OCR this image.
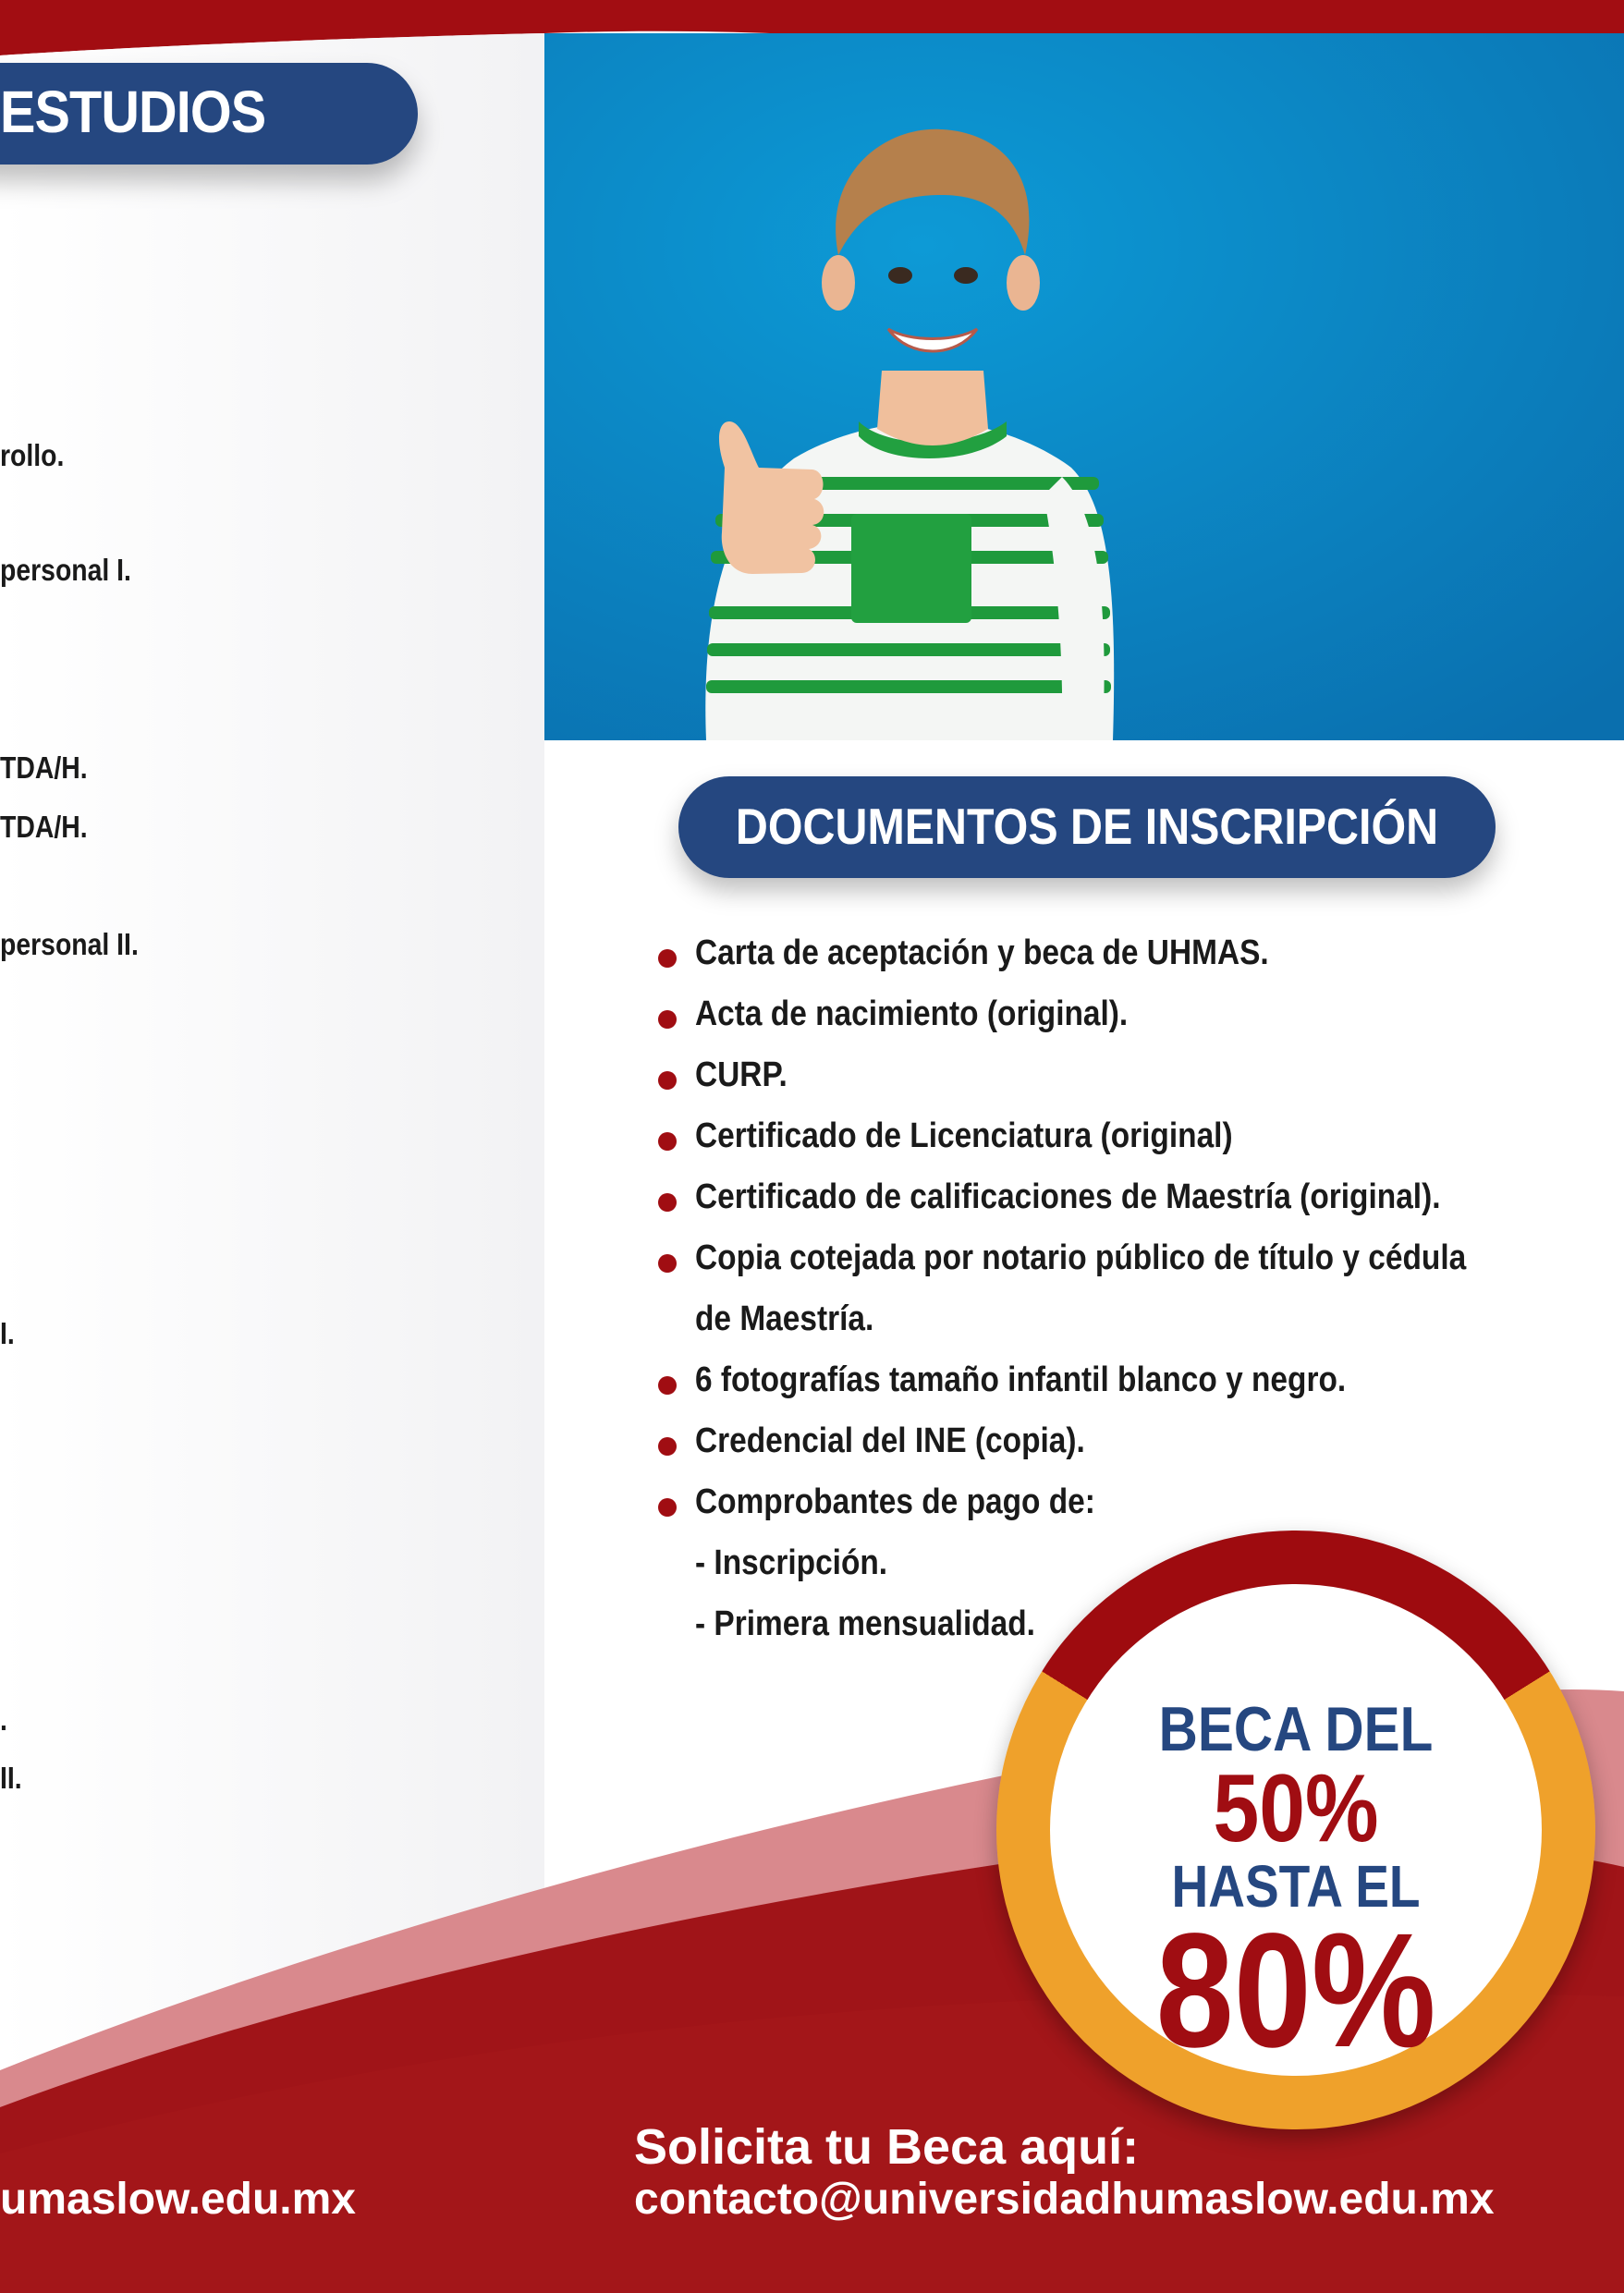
ESTUDIOS
rollo.
personal I.
TDA/H.
TDA/H.
personal II.
I.
.
II.
DOCUMENTOS DE INSCRIPCIÓN
Carta de aceptación y beca de UHMAS.
Acta de nacimiento (original).
CURP.
Certificado de Licenciatura (original)
Certificado de calificaciones de Maestría (original).
Copia cotejada por notario público de título y cédula
de Maestría.
6 fotografías tamaño infantil blanco y negro.
Credencial del INE (copia).
Comprobantes de pago de:
- Inscripción.
- Primera mensualidad.
BECA DEL
50%
HASTA EL
80%
umaslow.edu.mx
Solicita tu Beca aquí:
contacto@universidadhumaslow.edu.mx
